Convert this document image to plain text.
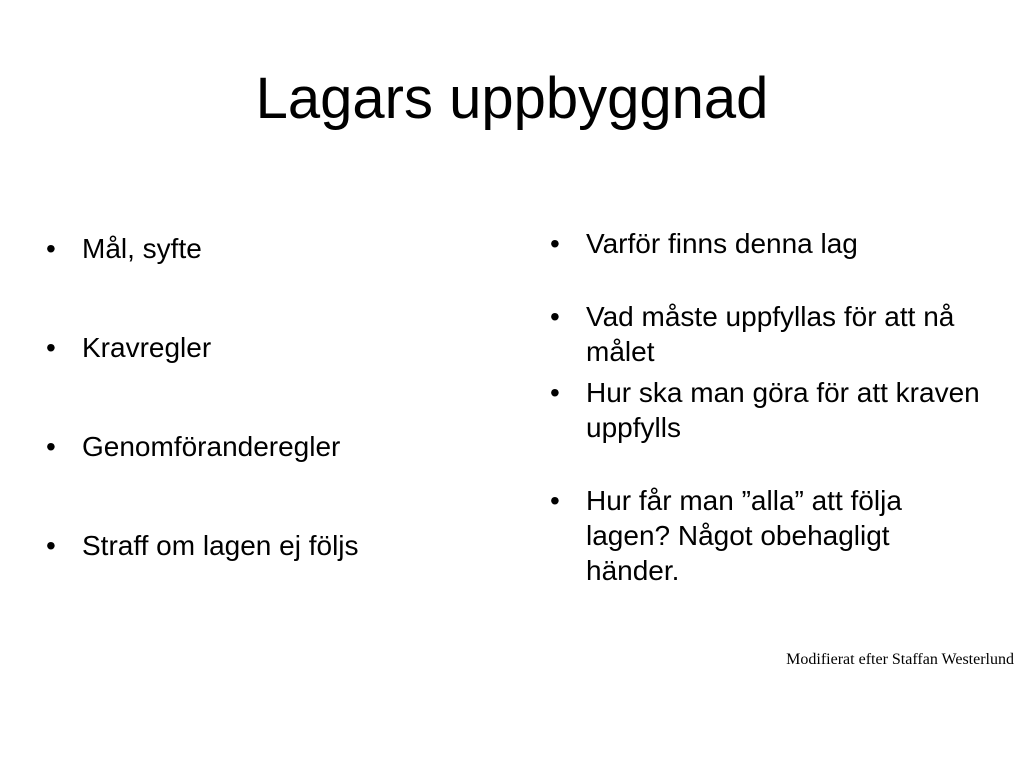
Lagars uppbyggnad
• Mål, syfte
• Kravregler
• Genomföranderegler
• Straff om lagen ej följs
• Varför finns denna lag
• Vad måste uppfyllas för att nå målet
• Hur ska man göra för att kraven uppfylls
• Hur får man ”alla” att följa lagen? Något obehagligt händer.
Modifierat efter Staffan Westerlund
